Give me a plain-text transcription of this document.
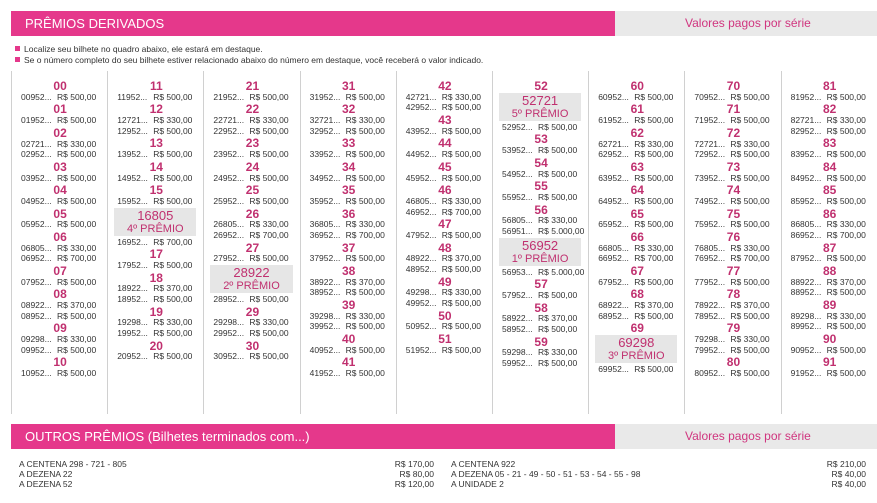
PRÊMIOS DERIVADOS	Valores pagos por série
Localize seu bilhete no quadro abaixo, ele estará em destaque.
Se o número completo do seu bilhete estiver relacionado abaixo do número em destaque, você receberá o valor indicado.
00
00952... R$ 500,00
01
01952... R$ 500,00
02
02721... R$ 330,00
02952... R$ 500,00
03
03952... R$ 500,00
04
04952... R$ 500,00
05
05952... R$ 500,00
06
06805... R$ 330,00
06952... R$ 700,00
07
07952... R$ 500,00
08
08922... R$ 370,00
08952... R$ 500,00
09
09298... R$ 330,00
09952... R$ 500,00
10
10952... R$ 500,00
11
11952... R$ 500,00
12
12721... R$ 330,00
12952... R$ 500,00
13
13952... R$ 500,00
14
14952... R$ 500,00
15
15952... R$ 500,00
16805
4º PRÊMIO
16952... R$ 700,00
17
17952... R$ 500,00
18
18922... R$ 370,00
18952... R$ 500,00
19
19298... R$ 330,00
19952... R$ 500,00
20
20952... R$ 500,00
21
21952... R$ 500,00
22
22721... R$ 330,00
22952... R$ 500,00
23
23952... R$ 500,00
24
24952... R$ 500,00
25
25952... R$ 500,00
26
26805... R$ 330,00
26952... R$ 700,00
27
27952... R$ 500,00
28922
2º PRÊMIO
28952... R$ 500,00
29
29298... R$ 330,00
29952... R$ 500,00
30
30952... R$ 500,00
31
31952... R$ 500,00
32
32721... R$ 330,00
32952... R$ 500,00
33
33952... R$ 500,00
34
34952... R$ 500,00
35
35952... R$ 500,00
36
36805... R$ 330,00
36952... R$ 700,00
37
37952... R$ 500,00
38
38922... R$ 370,00
38952... R$ 500,00
39
39298... R$ 330,00
39952... R$ 500,00
40
40952... R$ 500,00
41
41952... R$ 500,00
42
42721... R$ 330,00
42952... R$ 500,00
43
43952... R$ 500,00
44
44952... R$ 500,00
45
45952... R$ 500,00
46
46805... R$ 330,00
46952... R$ 700,00
47
47952... R$ 500,00
48
48922... R$ 370,00
48952... R$ 500,00
49
49298... R$ 330,00
49952... R$ 500,00
50
50952... R$ 500,00
51
51952... R$ 500,00
52
52721
5º PRÊMIO
52952... R$ 500,00
53
53952... R$ 500,00
54
54952... R$ 500,00
55
55952... R$ 500,00
56
56805... R$ 330,00
56951... R$ 5.000,00
56952
1º PRÊMIO
56953... R$ 5.000,00
57
57952... R$ 500,00
58
58922... R$ 370,00
58952... R$ 500,00
59
59298... R$ 330,00
59952... R$ 500,00
60
60952... R$ 500,00
61
61952... R$ 500,00
62
62721... R$ 330,00
62952... R$ 500,00
63
63952... R$ 500,00
64
64952... R$ 500,00
65
65952... R$ 500,00
66
66805... R$ 330,00
66952... R$ 700,00
67
67952... R$ 500,00
68
68922... R$ 370,00
68952... R$ 500,00
69
69298
3º PRÊMIO
69952... R$ 500,00
70
70952... R$ 500,00
71
71952... R$ 500,00
72
72721... R$ 330,00
72952... R$ 500,00
73
73952... R$ 500,00
74
74952... R$ 500,00
75
75952... R$ 500,00
76
76805... R$ 330,00
76952... R$ 700,00
77
77952... R$ 500,00
78
78922... R$ 370,00
78952... R$ 500,00
79
79298... R$ 330,00
79952... R$ 500,00
80
80952... R$ 500,00
81
81952... R$ 500,00
82
82721... R$ 330,00
82952... R$ 500,00
83
83952... R$ 500,00
84
84952... R$ 500,00
85
85952... R$ 500,00
86
86805... R$ 330,00
86952... R$ 700,00
87
87952... R$ 500,00
88
88922... R$ 370,00
88952... R$ 500,00
89
89298... R$ 330,00
89952... R$ 500,00
90
90952... R$ 500,00
91
91952... R$ 500,00
OUTROS PRÊMIOS (Bilhetes terminados com...)	Valores pagos por série
A CENTENA 298 - 721 - 805	R$ 170,00
A DEZENA 22	R$ 80,00
A DEZENA 52	R$ 120,00
A CENTENA 922	R$ 210,00
A DEZENA 05 - 21 - 49 - 50 - 51 - 53 - 54 - 55 - 98	R$ 40,00
A UNIDADE 2	R$ 40,00
